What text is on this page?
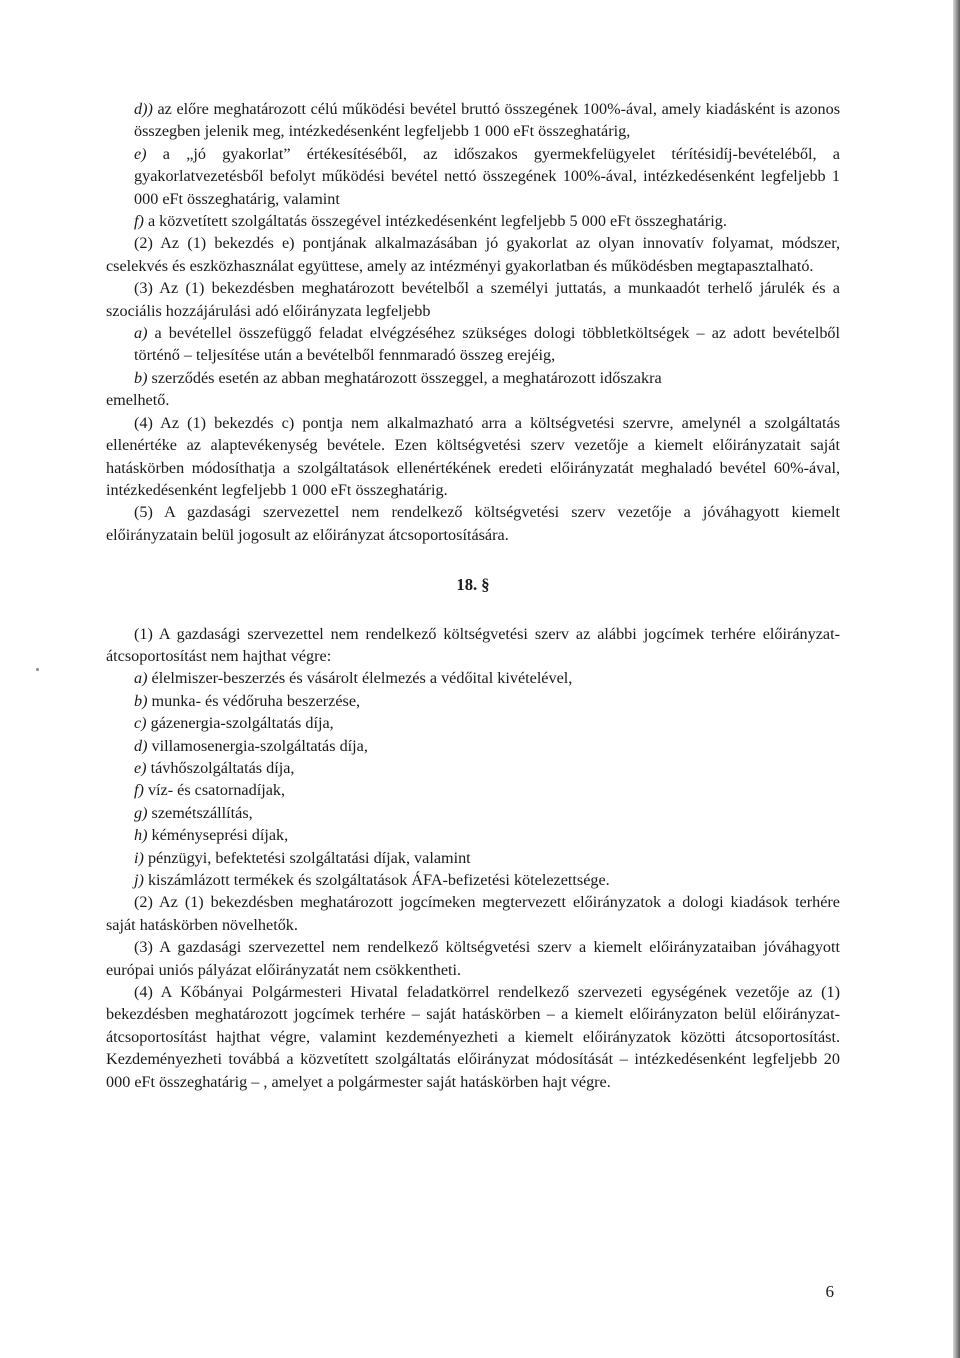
d)) az előre meghatározott célú működési bevétel bruttó összegének 100%-ával, amely kiadásként is azonos összegben jelenik meg, intézkedésenként legfeljebb 1 000 eFt összeghatárig,

e) a „jó gyakorlat” értékesítéséből, az időszakos gyermekfelügyelet térítésidíj-bevételéből, a gyakorlatvezetésből befolyt működési bevétel nettó összegének 100%-ával, intézkedésenként legfeljebb 1 000 eFt összeghatárig, valamint

f) a közvetített szolgáltatás összegével intézkedésenként legfeljebb 5 000 eFt összeghatárig.

(2) Az (1) bekezdés e) pontjának alkalmazásában jó gyakorlat az olyan innovatív folyamat, módszer, cselekvés és eszközhasználat együttese, amely az intézményi gyakorlatban és működésben megtapasztalható.

(3) Az (1) bekezdésben meghatározott bevételből a személyi juttatás, a munkaadót terhelő járulék és a szociális hozzájárulási adó előirányzata legfeljebb

a) a bevétellel összefüggő feladat elvégzéséhez szükséges dologi többletköltségek – az adott bevételből történő – teljesítése után a bevételből fennmaradó összeg erejéig,

b) szerződés esetén az abban meghatározott összeggel, a meghatározott időszakra

emelhető.

(4) Az (1) bekezdés c) pontja nem alkalmazható arra a költségvetési szervre, amelynél a szolgáltatás ellenértéke az alaptevékenység bevétele. Ezen költségvetési szerv vezetője a kiemelt előirányzatait saját hatáskörben módosíthatja a szolgáltatások ellenértékének eredeti előirányzatát meghaladó bevétel 60%-ával, intézkedésenként legfeljebb 1 000 eFt összeghatárig.

(5) A gazdasági szervezettel nem rendelkező költségvetési szerv vezetője a jóváhagyott kiemelt előirányzatain belül jogosult az előirányzat átcsoportosítására.

18. §

(1) A gazdasági szervezettel nem rendelkező költségvetési szerv az alábbi jogcímek terhére előirányzat-átcsoportosítást nem hajthat végre:

a) élelmiszer-beszerzés és vásárolt élelmezés a védőital kivételével,

b) munka- és védőruha beszerzése,

c) gázenergia-szolgáltatás díja,

d) villamosenergia-szolgáltatás díja,

e) távhőszolgáltatás díja,

f) víz- és csatornadíjak,

g) szemétszállítás,

h) kéményseprési díjak,

i) pénzügyi, befektetési szolgáltatási díjak, valamint

j) kiszámlázott termékek és szolgáltatások ÁFA-befizetési kötelezettsége.

(2) Az (1) bekezdésben meghatározott jogcímeken megtervezett előirányzatok a dologi kiadások terhére saját hatáskörben növelhetők.

(3) A gazdasági szervezettel nem rendelkező költségvetési szerv a kiemelt előirányzataiban jóváhagyott európai uniós pályázat előirányzatát nem csökkentheti.

(4) A Kőbányai Polgármesteri Hivatal feladatkörrel rendelkező szervezeti egységének vezetője az (1) bekezdésben meghatározott jogcímek terhére – saját hatáskörben – a kiemelt előirányzaton belül előirányzat-átcsoportosítást hajthat végre, valamint kezdeményezheti a kiemelt előirányzatok közötti átcsoportosítást. Kezdeményezheti továbbá a közvetített szolgáltatás előirányzat módosítását – intézkedésenként legfeljebb 20 000 eFt összeghatárig – , amelyet a polgármester saját hatáskörben hajt végre.

6
